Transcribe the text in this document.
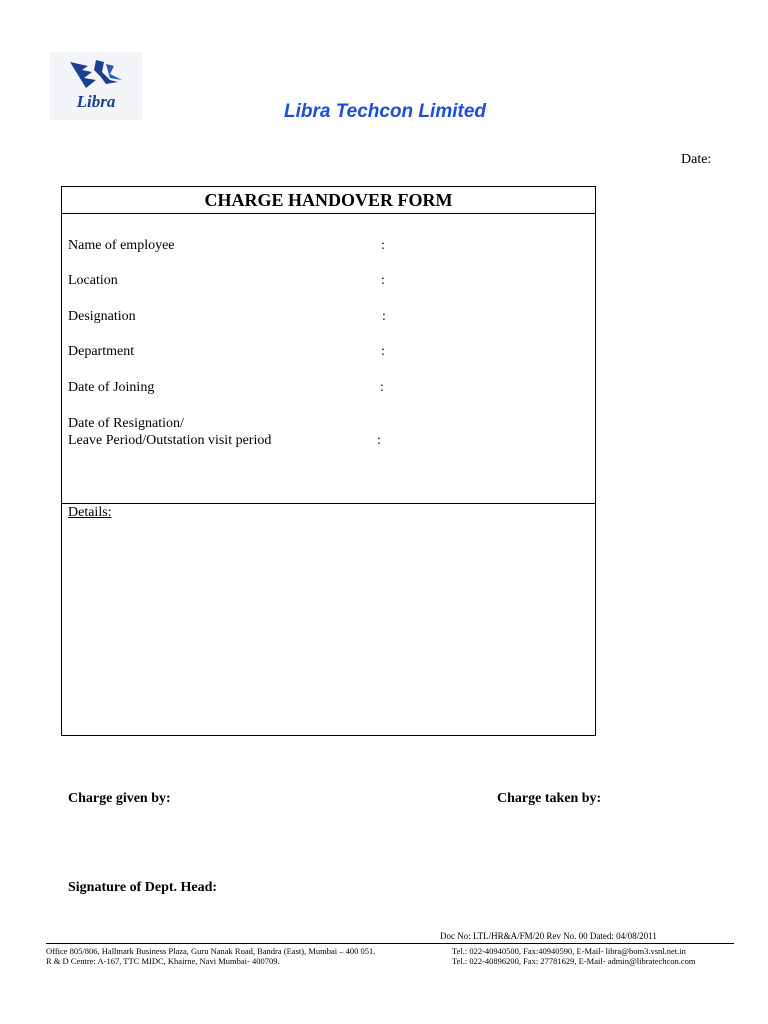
Libra	Libra Techcon Limited
Date:
CHARGE HANDOVER FORM
Name of employee	:
Location	:
Designation	:
Department	:
Date of Joining	:
Date of Resignation/
Leave Period/Outstation visit period	:
Details:
Charge given by:	Charge taken by:
Signature of Dept. Head:
Doc No: LTL/HR&A/FM/20 Rev No. 00 Dated: 04/08/2011
Office 805/806, Hallmark Business Plaza, Guru Nanak Road, Bandra (East), Mumbai – 400 051.
R & D Centre: A-167, TTC MIDC, Khairne, Navi Mumbai- 400709.
Tel.: 022-40940500, Fax:40940590, E-Mail- libra@bom3.vsnl.net.in
Tel.: 022-40896200, Fax: 27781629, E-Mail- admin@libratechcon.com
